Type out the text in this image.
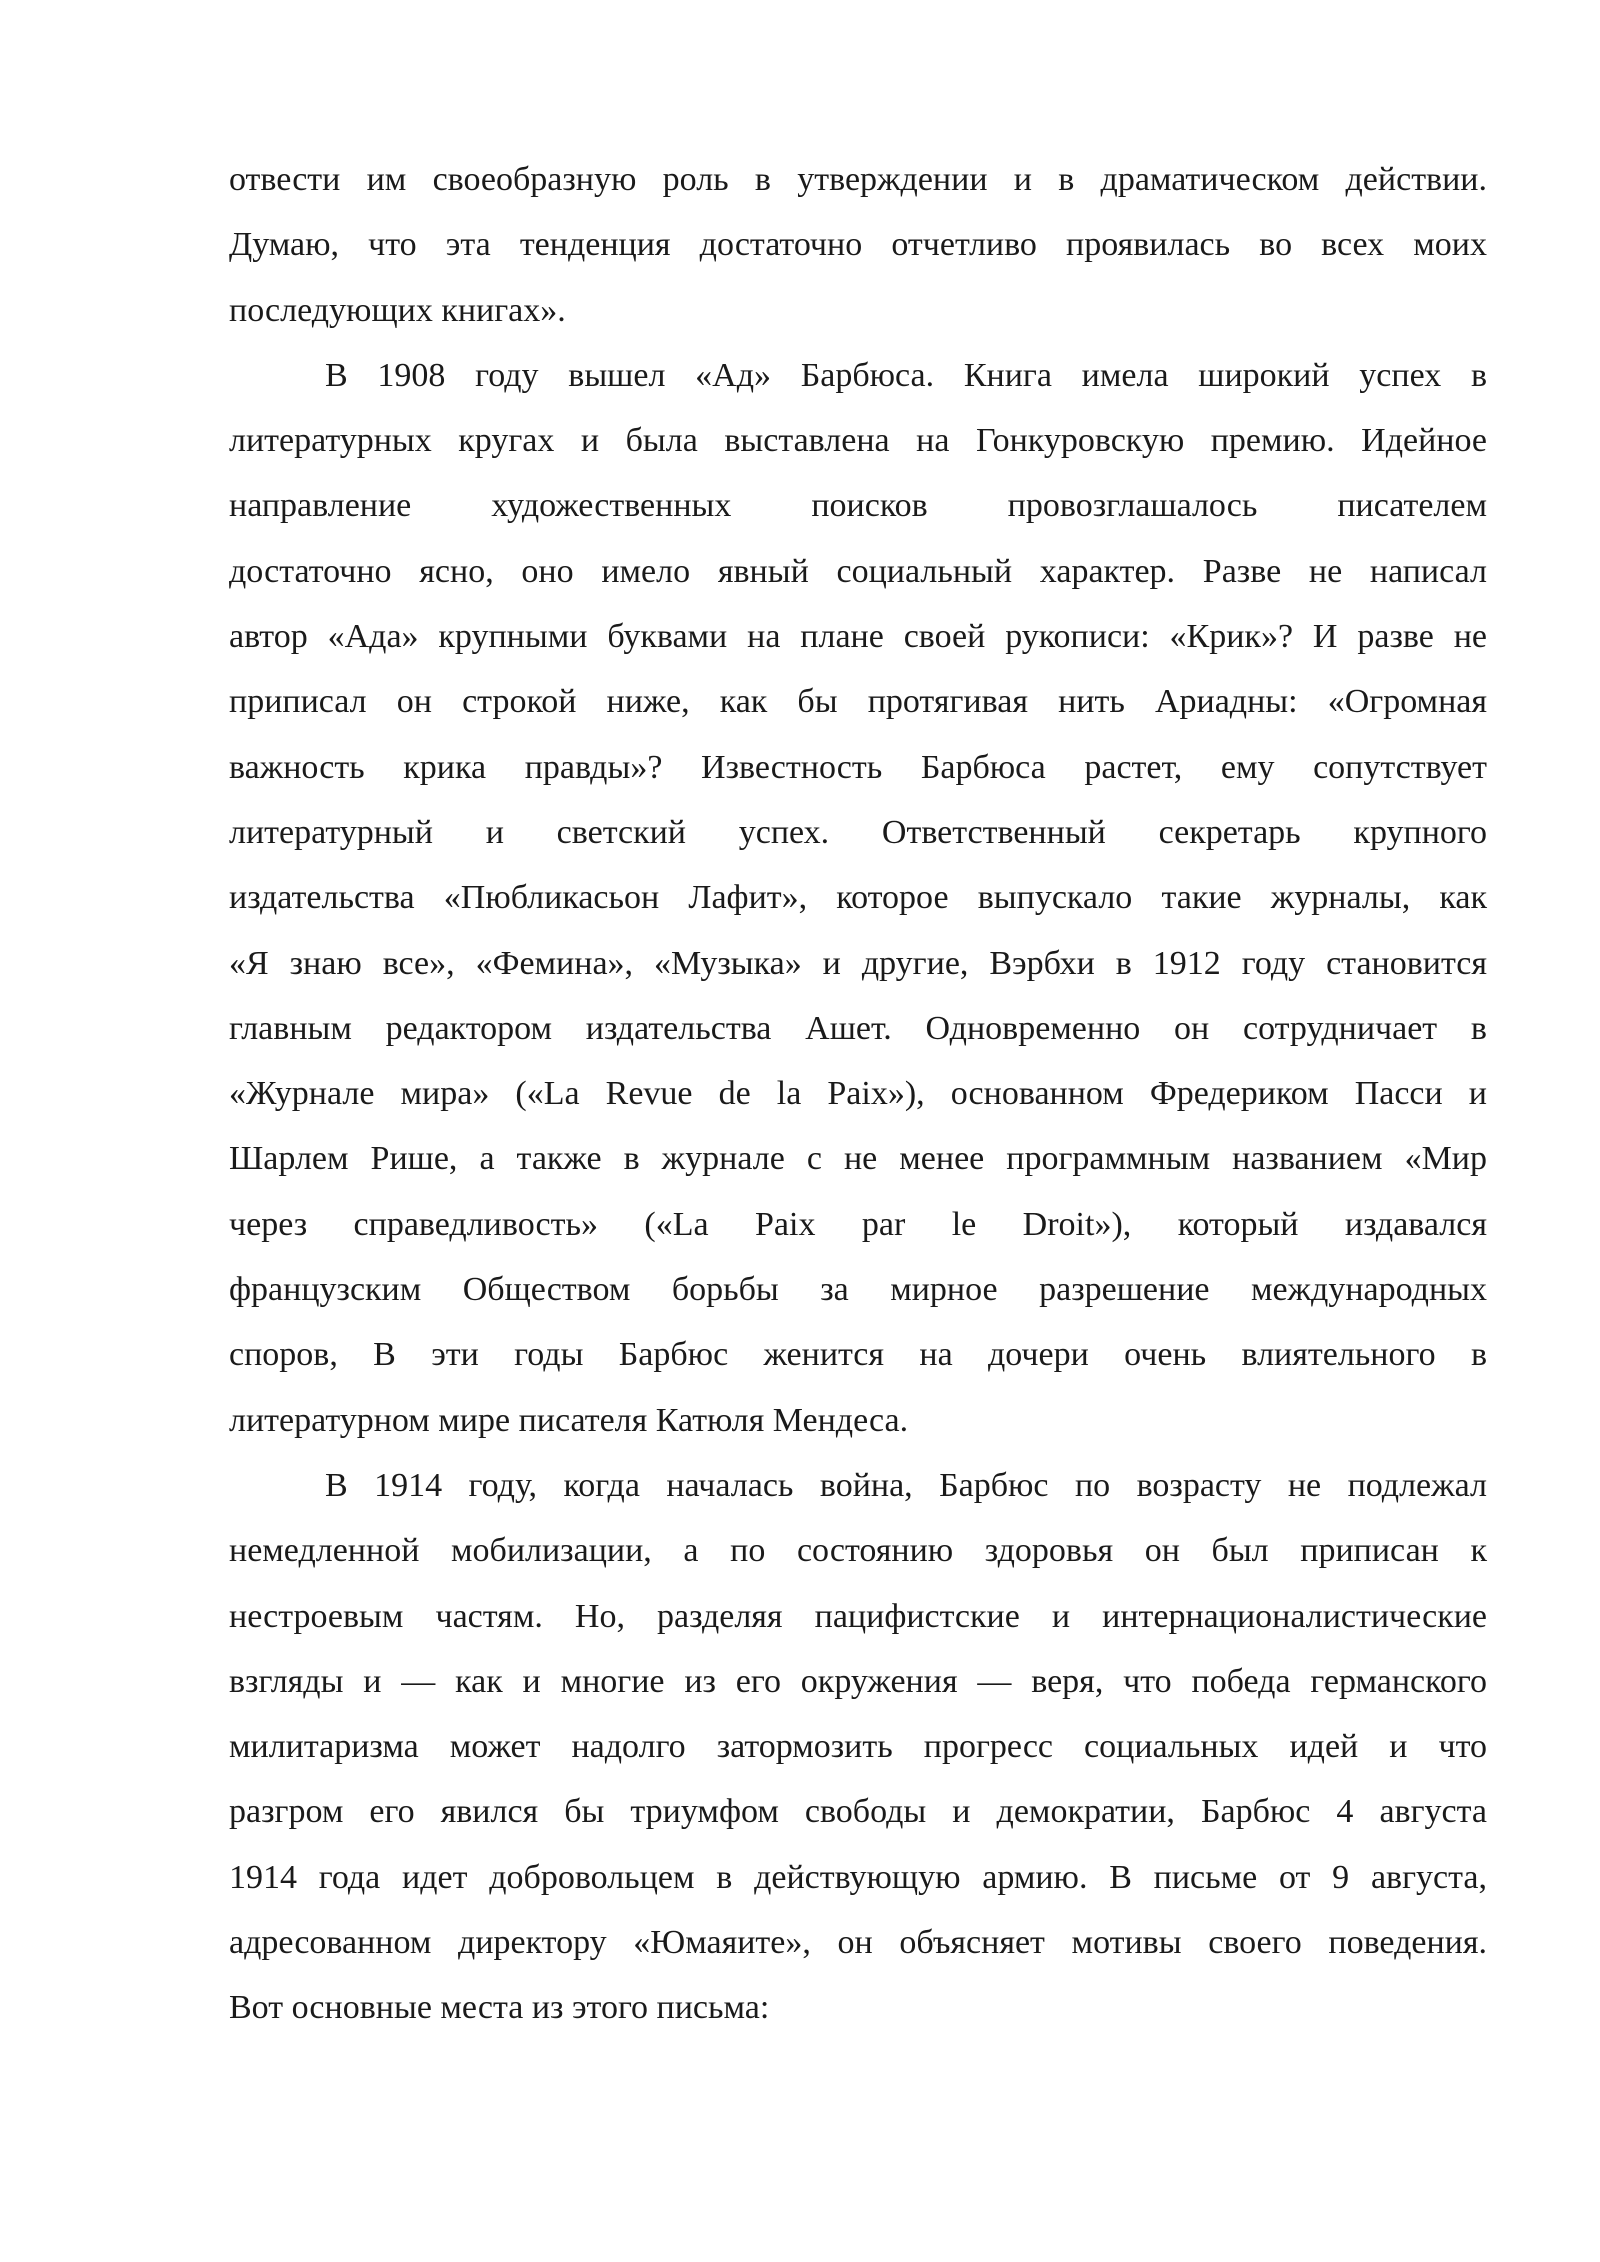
отвести им своеобразную роль в утверждении и в драматическом действии.
Думаю, что эта тенденция достаточно отчетливо проявилась во всех моих
последующих книгах».
В 1908 году вышел «Ад» Барбюса. Книга имела широкий успех в
литературных кругах и была выставлена на Гонкуровскую премию. Идейное
направление художественных поисков провозглашалось писателем
достаточно ясно, оно имело явный социальный характер. Разве не написал
автор «Ада» крупными буквами на плане своей рукописи: «Крик»? И разве не
приписал он строкой ниже, как бы протягивая нить Ариадны: «Огромная
важность крика правды»? Известность Барбюса растет, ему сопутствует
литературный и светский успех. Ответственный секретарь крупного
издательства «Пюбликасьон Лафит», которое выпускало такие журналы, как
«Я знаю все», «Фемина», «Музыка» и другие, Вэрбхи в 1912 году становится
главным редактором издательства Ашет. Одновременно он сотрудничает в
«Журнале мира» («La Revue de la Paix»), основанном Фредериком Пасси и
Шарлем Рише, а также в журнале с не менее программным названием «Мир
через справедливость» («La Paix par le Droit»), который издавался
французским Обществом борьбы за мирное разрешение международных
споров, В эти годы Барбюс женится на дочери очень влиятельного в
литературном мире писателя Катюля Мендеса.
В 1914 году, когда началась война, Барбюс по возрасту не подлежал
немедленной мобилизации, а по состоянию здоровья он был приписан к
нестроевым частям. Но, разделяя пацифистские и интернационалистические
взгляды и — как и многие из его окружения — веря, что победа германского
милитаризма может надолго затормозить прогресс социальных идей и что
разгром его явился бы триумфом свободы и демократии, Барбюс 4 августа
1914 года идет добровольцем в действующую армию. В письме от 9 августа,
адресованном директору «Юмаяите», он объясняет мотивы своего поведения.
Вот основные места из этого письма:
